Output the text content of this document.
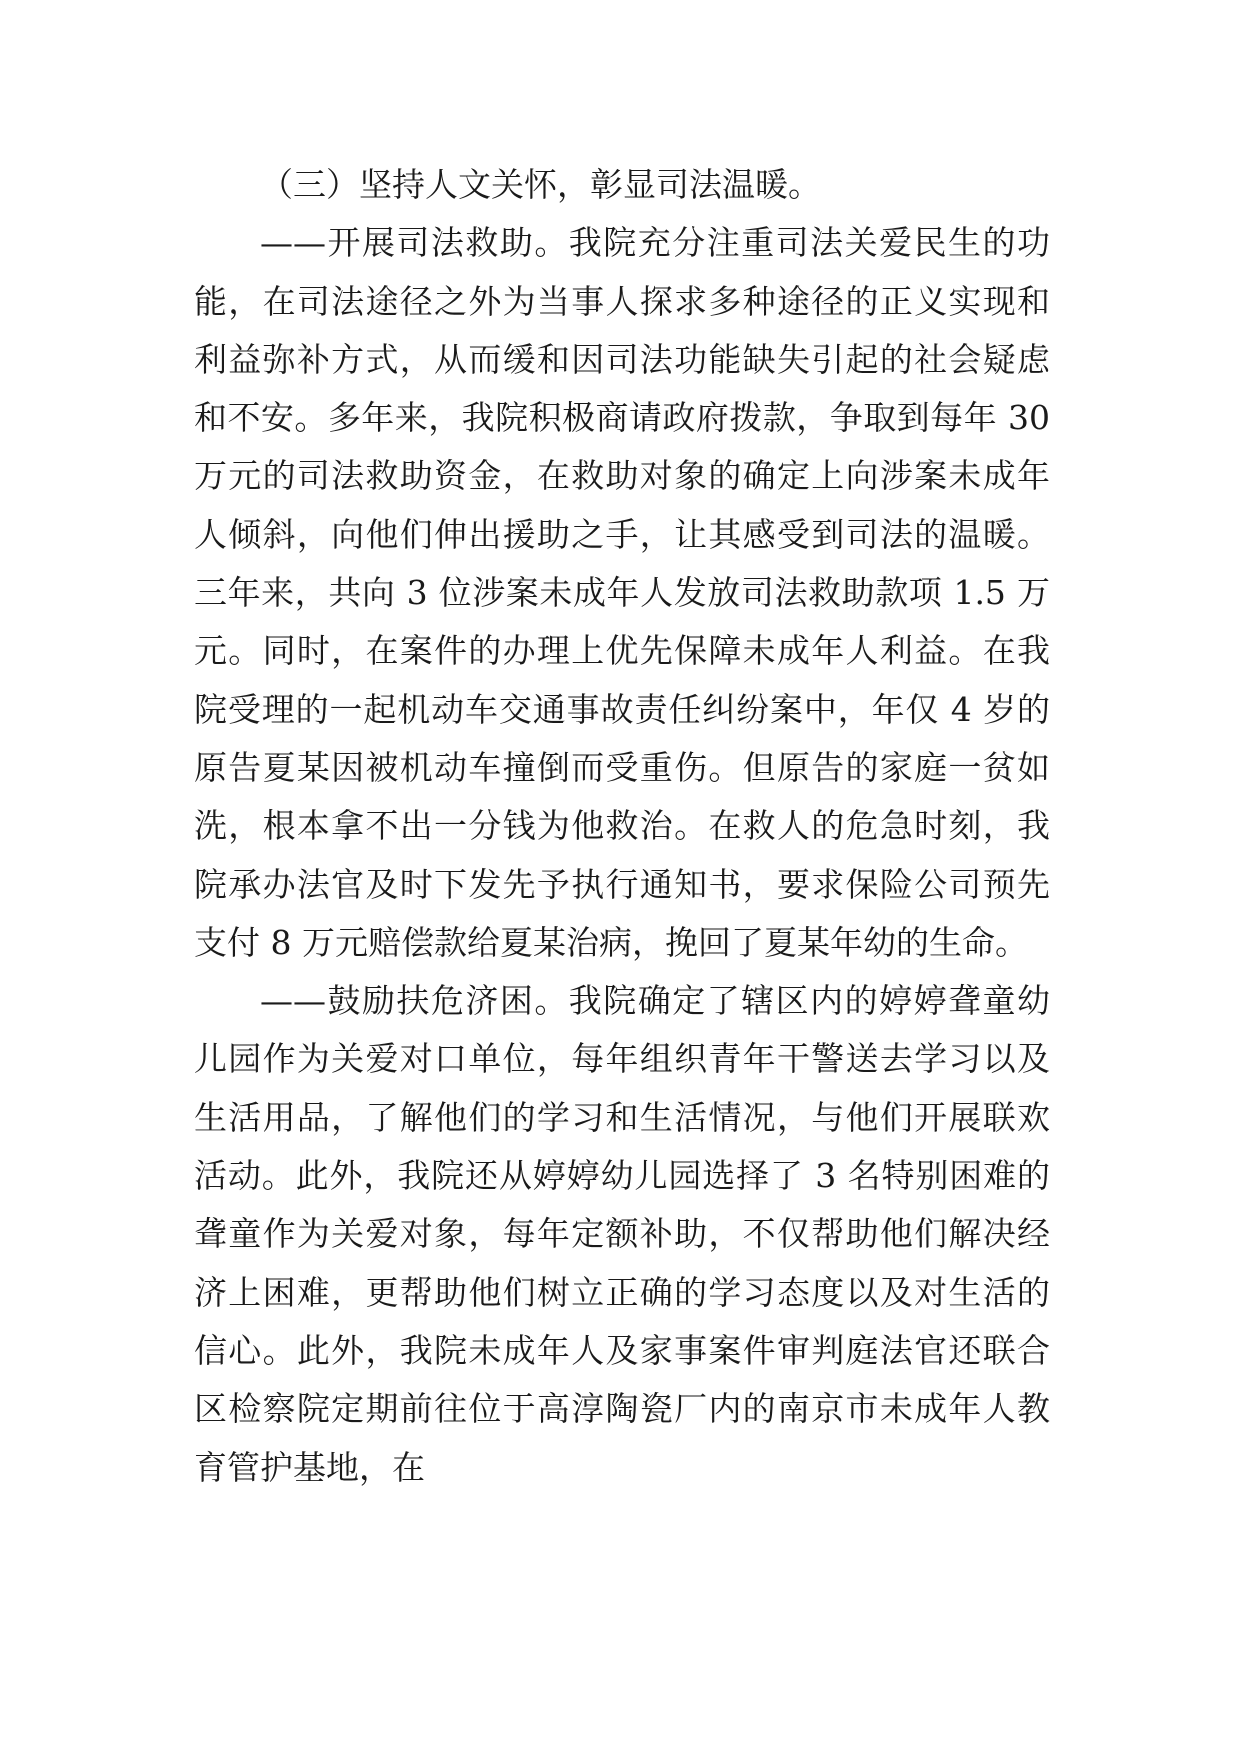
（三）坚持人文关怀，彰显司法温暖。

——开展司法救助。我院充分注重司法关爱民生的功能，在司法途径之外为当事人探求多种途径的正义实现和利益弥补方式，从而缓和因司法功能缺失引起的社会疑虑和不安。多年来，我院积极商请政府拨款，争取到每年 30 万元的司法救助资金，在救助对象的确定上向涉案未成年人倾斜，向他们伸出援助之手，让其感受到司法的温暖。三年来，共向 3 位涉案未成年人发放司法救助款项 1.5 万元。同时，在案件的办理上优先保障未成年人利益。在我院受理的一起机动车交通事故责任纠纷案中，年仅 4 岁的原告夏某因被机动车撞倒而受重伤。但原告的家庭一贫如洗，根本拿不出一分钱为他救治。在救人的危急时刻，我院承办法官及时下发先予执行通知书，要求保险公司预先支付 8 万元赔偿款给夏某治病，挽回了夏某年幼的生命。

——鼓励扶危济困。我院确定了辖区内的婷婷聋童幼儿园作为关爱对口单位，每年组织青年干警送去学习以及生活用品，了解他们的学习和生活情况，与他们开展联欢活动。此外，我院还从婷婷幼儿园选择了 3 名特别困难的聋童作为关爱对象，每年定额补助，不仅帮助他们解决经济上困难，更帮助他们树立正确的学习态度以及对生活的信心。此外，我院未成年人及家事案件审判庭法官还联合区检察院定期前往位于高淳陶瓷厂内的南京市未成年人教育管护基地，在
